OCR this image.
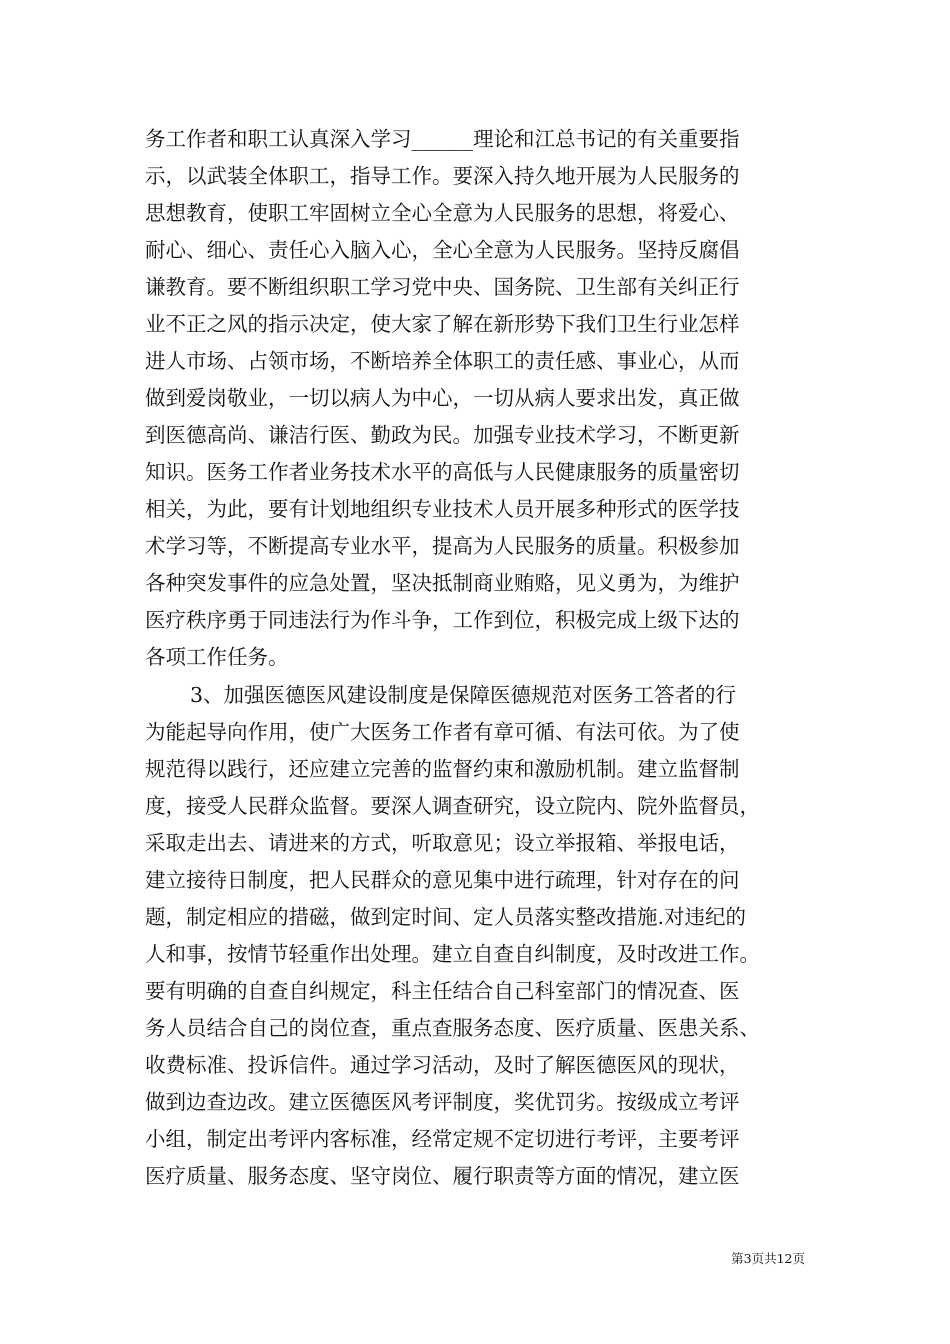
务工作者和职工认真深入学习______理论和江总书记的有关重要指
示，以武装全体职工，指导工作。要深入持久地开展为人民服务的
思想教育，使职工牢固树立全心全意为人民服务的思想，将爱心、
耐心、细心、责任心入脑入心，全心全意为人民服务。坚持反腐倡
谦教育。要不断组织职工学习党中央、国务院、卫生部有关纠正行
业不正之风的指示决定，使大家了解在新形势下我们卫生行业怎样
进人市场、占领市场，不断培养全体职工的责任感、事业心，从而
做到爱岗敬业，一切以病人为中心，一切从病人要求出发，真正做
到医德高尚、谦洁行医、勤政为民。加强专业技术学习，不断更新
知识。医务工作者业务技术水平的高低与人民健康服务的质量密切
相关，为此，要有计划地组织专业技术人员开展多种形式的医学技
术学习等，不断提高专业水平，提高为人民服务的质量。积极参加
各种突发事件的应急处置，坚决抵制商业贿赂，见义勇为，为维护
医疗秩序勇于同违法行为作斗争，工作到位，积极完成上级下达的
各项工作任务。
3、加强医德医风建设制度是保障医德规范对医务工答者的行
为能起导向作用，使广大医务工作者有章可循、有法可依。为了使
规范得以践行，还应建立完善的监督约束和激励机制。建立监督制
度，接受人民群众监督。要深人调查研究，设立院内、院外监督员，
采取走出去、请进来的方式，听取意见；设立举报箱、举报电话，
建立接待日制度，把人民群众的意见集中进行疏理，针对存在的问
题，制定相应的措磁，做到定时间、定人员落实整改措施.对违纪的
人和事，按情节轻重作出处理。建立自查自纠制度，及时改进工作。
要有明确的自查自纠规定，科主任结合自己科室部门的情况查、医
务人员结合自己的岗位查，重点查服务态度、医疗质量、医患关系、
收费标准、投诉信件。通过学习活动，及时了解医德医风的现状，
做到边查边改。建立医德医风考评制度，奖优罚劣。按级成立考评
小组，制定出考评内客标准，经常定规不定切进行考评，主要考评
医疗质量、服务态度、坚守岗位、履行职责等方面的情况，建立医
第3页共12页
